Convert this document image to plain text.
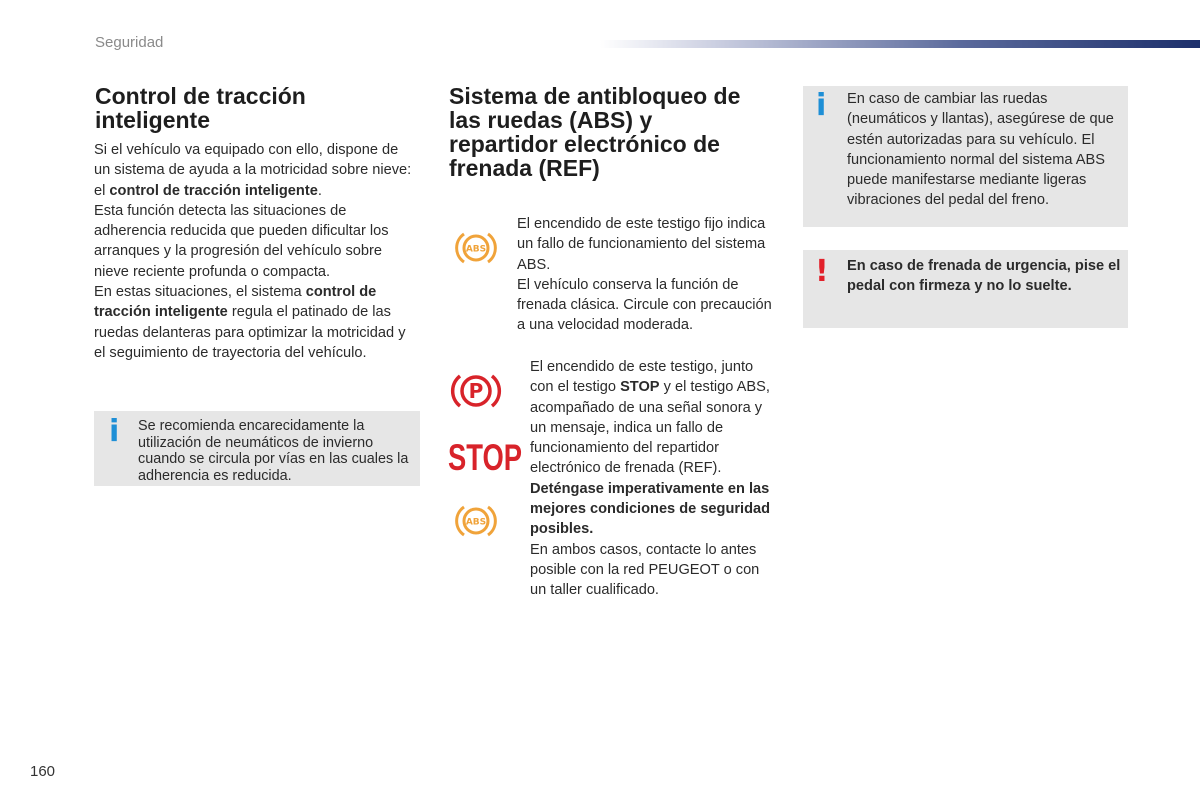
Seguridad
Control de tracción inteligente

Si el vehículo va equipado con ello, dispone de un sistema de ayuda a la motricidad sobre nieve: el control de tracción inteligente.

Esta función detecta las situaciones de adherencia reducida que pueden dificultar los arranques y la progresión del vehículo sobre nieve reciente profunda o compacta.

En estas situaciones, el sistema control de tracción inteligente regula el patinado de las ruedas delanteras para optimizar la motricidad y el seguimiento de trayectoria del vehículo.

i Se recomienda encarecidamente la utilización de neumáticos de invierno cuando se circula por vías en las cuales la adherencia es reducida.
Sistema de antibloqueo de las ruedas (ABS) y repartidor electrónico de frenada (REF)
ABS

El encendido de este testigo fijo indica un fallo de funcionamiento del sistema ABS.

El vehículo conserva la función de frenada clásica. Circule con precaución a una velocidad moderada.

P
STOP
ABS

El encendido de este testigo, junto con el testigo STOP y el testigo ABS, acompañado de una señal sonora y un mensaje, indica un fallo de funcionamiento del repartidor electrónico de frenada (REF).

Deténgase imperativamente en las mejores condiciones de seguridad posibles.

En ambos casos, contacte lo antes posible con la red PEUGEOT o con un taller cualificado.

i En caso de cambiar las ruedas (neumáticos y llantas), asegúrese de que estén autorizadas para su vehículo. El funcionamiento normal del sistema ABS puede manifestarse mediante ligeras vibraciones del pedal del freno.
! En caso de frenada de urgencia, pise el pedal con firmeza y no lo suelte.
160
